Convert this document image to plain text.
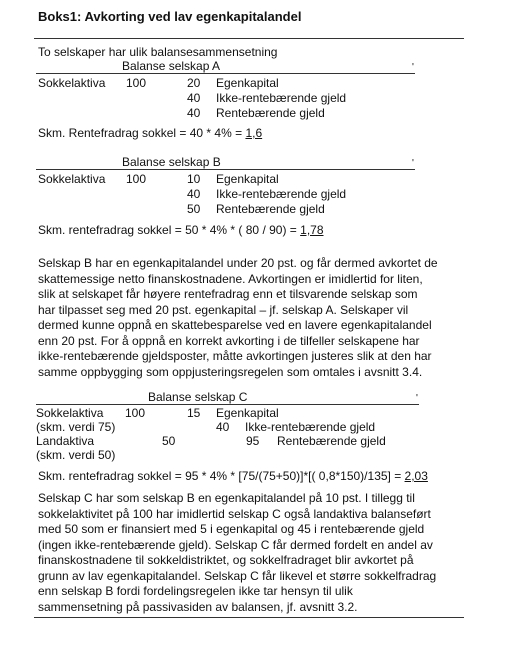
Boks1: Avkorting ved lav egenkapitalandel
To selskaper har ulik balansesammensetning
Balanse selskap A	'
Sokkelaktiva 100	20 Egenkapital
40 Ikke-rentebærende gjeld
40 Rentebærende gjeld
Skm. Rentefradrag sokkel = 40 * 4% = 1,6
Balanse selskap B	'
Sokkelaktiva 100	10 Egenkapital
40 Ikke-rentebærende gjeld
50 Rentebærende gjeld
Skm. rentefradrag sokkel = 50 * 4% * ( 80 / 90) = 1,78
Selskap B har en egenkapitalandel under 20 pst. og får dermed avkortet de
skattemessige netto finanskostnadene. Avkortingen er imidlertid for liten,
slik at selskapet får høyere rentefradrag enn et tilsvarende selskap som
har tilpasset seg med 20 pst. egenkapital – jf. selskap A. Selskaper vil
dermed kunne oppnå en skattebesparelse ved en lavere egenkapitalandel
enn 20 pst. For å oppnå en korrekt avkorting i de tilfeller selskapene har
ikke-rentebærende gjeldsposter, måtte avkortingen justeres slik at den har
samme oppbygging som oppjusteringsregelen som omtales i avsnitt 3.4.
Balanse selskap C	'
Sokkelaktiva 100	15 Egenkapital
(skm. verdi 75)	40 Ikke-rentebærende gjeld
Landaktiva	50	95 Rentebærende gjeld
(skm. verdi 50)
Skm. rentefradrag sokkel = 95 * 4% * [75/(75+50)]*[( 0,8*150)/135] = 2,03
Selskap C har som selskap B en egenkapitalandel på 10 pst. I tillegg til
sokkelaktivitet på 100 har imidlertid selskap C også landaktiva balanseført
med 50 som er finansiert med 5 i egenkapital og 45 i rentebærende gjeld
(ingen ikke-rentebærende gjeld). Selskap C får dermed fordelt en andel av
finanskostnadene til sokkeldistriktet, og sokkelfradraget blir avkortet på
grunn av lav egenkapitalandel. Selskap C får likevel et større sokkelfradrag
enn selskap B fordi fordelingsregelen ikke tar hensyn til ulik
sammensetning på passivasiden av balansen, jf. avsnitt 3.2.
